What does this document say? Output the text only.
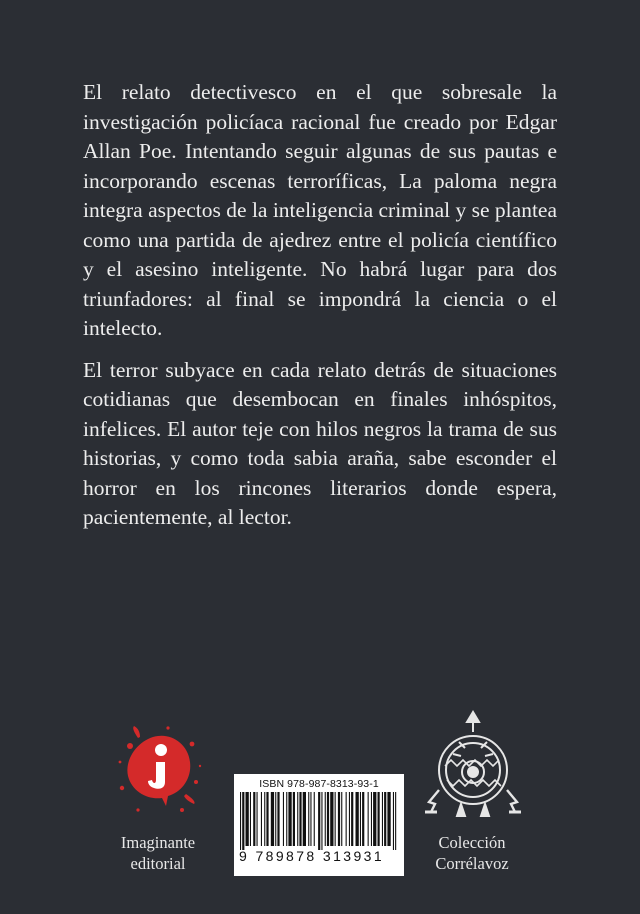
El relato detectivesco en el que sobresale la investigación policíaca racional fue creado por Edgar Allan Poe. Intentando seguir algunas de sus pautas e incorporando escenas terroríficas, La paloma negra integra aspectos de la inteligencia criminal y se plantea como una partida de ajedrez entre el policía científico y el asesino inteligente. No habrá lugar para dos triunfadores: al final se impondrá la ciencia o el intelecto.

El terror subyace en cada relato detrás de situaciones cotidianas que desembocan en finales inhóspitos, infelices. El autor teje con hilos negros la trama de sus historias, y como toda sabia araña, sabe esconder el horror en los rincones literarios donde espera, pacientemente, al lector.

Imaginante
editorial
ISBN 978-987-8313-93-1
9 789878 313931
Colección
Corrélavoz
